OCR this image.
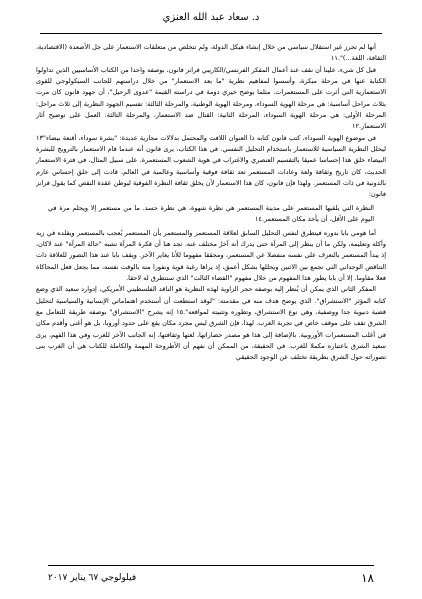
د. سعاد عبد الله العنزي

أنها لم تحرز غير استقلال سياسي من خلال إنشاء هيكل الدولة، ولم تتخلص من متعلقات الاستعمار على جل الأصعدة (الاقتصادية، الثقافة، اللغة...)".١١

قبل كل شيء، علينا أن نقف عند أعمال المفكر الفرنسي/الكاريبي فرانز فانون، بوصفه واحدا من الكتاب الأساسيين الذين تداولوا الكتابة عنها في مرحلة مبكرة، وأسسوا لمفاهيم نظرية "ما بعد الاستعمار" من خلال دراستهم للجانب السيكولوجي للقوى الاستعمارية التي أثرت على المستعمرات. مثلما يوضح خيري دومة في دراسته القيمة "عدوى الرحيل"، أن جهود فانون كان مرت بثلاث مراحل أساسية: هي مرحلة الهوية السوداء، ومرحلة الهوية الوطنية، والمرحلة الثالثة: تقسيم الجهود النظرية إلى ثلاث مراحل: المرحلة الأولى: هي مرحلة الهوية السوداء، المرحلة الثانية: القتال ضد الاستعمار، والمرحلة الثالثة: العمل على توضيح آثار الاستعمار.١٢

في موضوع الهوية السوداء، كتب فانون كتابه ذا العنوان اللافت والمحتمل بدلالات مجازية عديدة: "بشرة سوداء، أقنعة بيضاء"١٣ ليحلل النظرية السياسية للاستعمار باستخدام التحليل النفسي. في هذا الكتاب، يرى فانون أنه عندما قام الاستعمار بالترويج للبشرة البيضاء خلق هذا إحساسا عميقا بالتقسيم العنصري والاغتراب في هوية الشعوب المستعمرة. على سبيل المثال، في فترة الاستعمار الحديث، كان تاريخ وثقافة ولغة وعادات المستعمر تعد ثقافة فوقية وأساسية وعالمية في العالم، قادت إلى خلق إحساس عارم بالدونية في ذات المستعمر. ولهذا فإن فانون، كان هذا الاستعمار لأن يخلق ثقافة النظرة الفوقية ليوطن عقدة النقص كما يقول فرانز فانون:

النظرة التي يلقيها المستعمر على مدينة المستعمر هي نظرة شهوة، هي نظرة حسد. ما من مستعمر إلا ويحلم مرة في اليوم على الأقل، أن يأخذ مكان المستعمر.١٤

أما هومي بابا بدوره فيتطرق لنفس التحليل السابق لعلاقة المستعمر والمستعمر بأن المستعمر يُعجب بالمستعمر ويقلده في زيه وأكله وتعليمه، ولكن ما أن ينظر إلى المرآة حتى يدرك أنه آخرٌ مختلف عنه. تجد هنا أن فكرة المرآة تشبه "حالة المرآة" عند لاكان، إذ يبدأ المستعمر بالتعرف على نفسه منفصلا عن المستعمر، ومحققا مفهوما للأنا يغاير الآخر. ويقف بابا عند هذا التصور للعلاقة ذات التناقض الوجداني التي تجمع بين الاثنين ويحللها بشكل أعمق، إذ يراها رغبة قوية ونفورا منه بالوقت نفسه، مما يجعل فعل المحاكاة فعلا مقاوما. إلا أن بابا يطور هذا المفهوم من خلال مفهوم "الفضاء الثالث" الذي سنتطرق له لاحقا.

المفكر الثاني الذي يمكن أن يُنظر إليه بوصفه حجر الزاوية لهذه النظرية هو الناقد الفلسطيني الأمريكي، إدوارد سعيد الذي وضع كتابه المؤثر "الاستشراق". الذي يوضح هدف منه في مقدمته: "لوقد استطعت أن أستخدم اهتماماتي الإنسانية والسياسية لتحليل قضية دنيوية جدا ووصفية، وهي نوع الاستشراق، وتطوره وتثبيته لمواقعه".١٥ إنه يشرح "الاستشراق" بوصفه طريقة للتعامل مع الشرق تقف على موقف خاص في تجربة الغرب. لهذا، فإن الشرق ليس مجرد مكان يقع على حدود أوروبا، بل هو أغنى وأقدم مكان في أغلب المستعمرات الأوروبية. بالإضافة إلى هذا هو مصدر حضاراتها، لغتها وثقافتها، إنه الجانب الآخر للغرب وفي هذا الفهم، يرى سعيد الشرق باعتباره مكملا للغرب. في الحقيقة، من الممكن أن نفهم أن الأطروحة المهمة والكاملة للكتاب هي أن الغرب بنى تصوراته حول الشرق بطريقة تختلف عن الوجود الحقيقي

١٨
فيلولوجي ٦٧ يناير ٢٠١٧
